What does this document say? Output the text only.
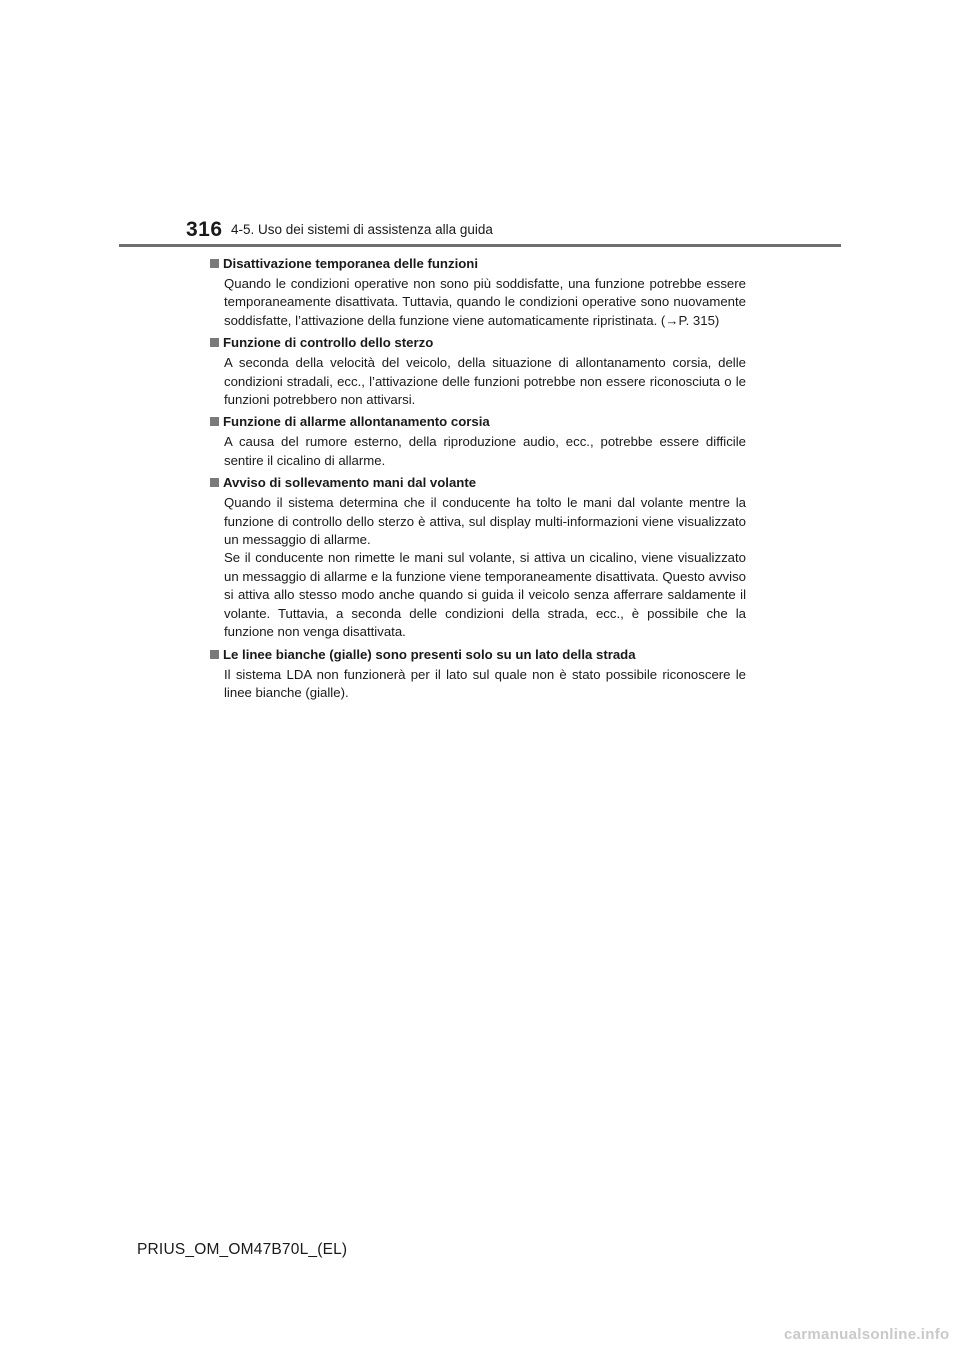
316 4-5. Uso dei sistemi di assistenza alla guida
Disattivazione temporanea delle funzioni

Quando le condizioni operative non sono più soddisfatte, una funzione potrebbe essere temporaneamente disattivata. Tuttavia, quando le condizioni operative sono nuovamente soddisfatte, l’attivazione della funzione viene automaticamente ripristinata. (→P. 315)

Funzione di controllo dello sterzo

A seconda della velocità del veicolo, della situazione di allontanamento corsia, delle condizioni stradali, ecc., l’attivazione delle funzioni potrebbe non essere riconosciuta o le funzioni potrebbero non attivarsi.

Funzione di allarme allontanamento corsia

A causa del rumore esterno, della riproduzione audio, ecc., potrebbe essere difficile sentire il cicalino di allarme.

Avviso di sollevamento mani dal volante

Quando il sistema determina che il conducente ha tolto le mani dal volante mentre la funzione di controllo dello sterzo è attiva, sul display multi-informazioni viene visualizzato un messaggio di allarme.
Se il conducente non rimette le mani sul volante, si attiva un cicalino, viene visualizzato un messaggio di allarme e la funzione viene temporaneamente disattivata. Questo avviso si attiva allo stesso modo anche quando si guida il veicolo senza afferrare saldamente il volante. Tuttavia, a seconda delle condizioni della strada, ecc., è possibile che la funzione non venga disattivata.

Le linee bianche (gialle) sono presenti solo su un lato della strada

Il sistema LDA non funzionerà per il lato sul quale non è stato possibile riconoscere le linee bianche (gialle).

PRIUS_OM_OM47B70L_(EL)
carmanualsonline.info
